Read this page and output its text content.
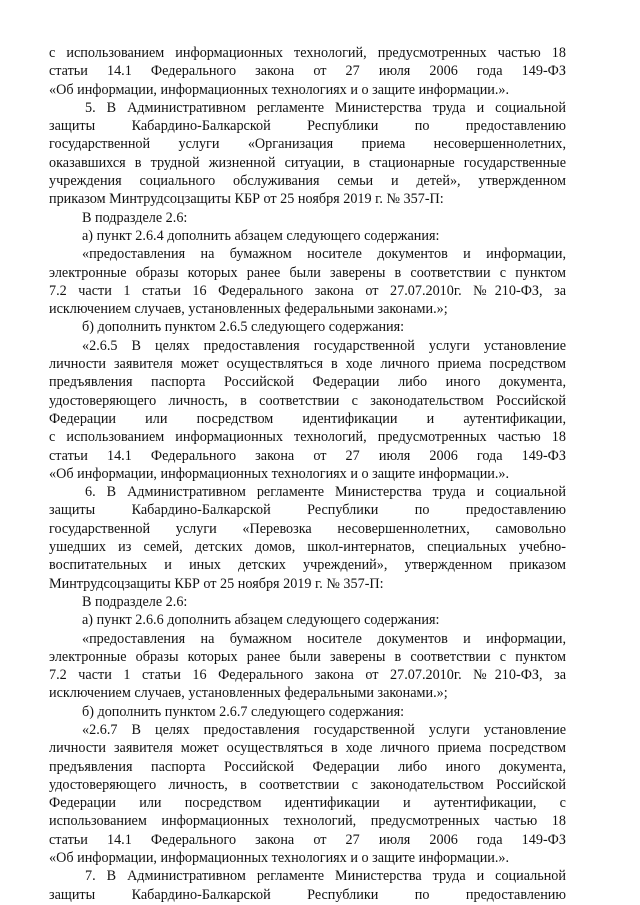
с использованием информационных технологий, предусмотренных частью 18
статьи 14.1 Федерального закона от 27 июля 2006 года 149-ФЗ
«Об информации, информационных технологиях и о защите информации.».
5. В Административном регламенте Министерства труда и социальной
защиты Кабардино-Балкарской Республики по предоставлению
государственной услуги «Организация приема несовершеннолетних,
оказавшихся в трудной жизненной ситуации, в стационарные государственные
учреждения социального обслуживания семьи и детей», утвержденном
приказом Минтрудсоцзащиты КБР от 25 ноября 2019 г. № 357-П:
В подразделе 2.6:
а) пункт 2.6.4 дополнить абзацем следующего содержания:
«предоставления на бумажном носителе документов и информации,
электронные образы которых ранее были заверены в соответствии с пунктом
7.2 части 1 статьи 16 Федерального закона от 27.07.2010г. №210-ФЗ, за
исключением случаев, установленных федеральными законами.»;
б) дополнить пунктом 2.6.5 следующего содержания:
«2.6.5 В целях предоставления государственной услуги установление
личности заявителя может осуществляться в ходе личного приема посредством
предъявления паспорта Российской Федерации либо иного документа,
удостоверяющего личность, в соответствии с законодательством Российской
Федерации или посредством идентификации и аутентификации,
с использованием информационных технологий, предусмотренных частью 18
статьи 14.1 Федерального закона от 27 июля 2006 года 149-ФЗ
«Об информации, информационных технологиях и о защите информации.».
6. В Административном регламенте Министерства труда и социальной
защиты Кабардино-Балкарской Республики по предоставлению
государственной услуги «Перевозка несовершеннолетних, самовольно
ушедших из семей, детских домов, школ-интернатов, специальных учебно-
воспитательных и иных детских учреждений», утвержденном приказом
Минтрудсоцзащиты КБР от 25 ноября 2019 г. № 357-П:
В подразделе 2.6:
а) пункт 2.6.6 дополнить абзацем следующего содержания:
«предоставления на бумажном носителе документов и информации,
электронные образы которых ранее были заверены в соответствии с пунктом
7.2 части 1 статьи 16 Федерального закона от 27.07.2010г. №210-ФЗ, за
исключением случаев, установленных федеральными законами.»;
б) дополнить пунктом 2.6.7 следующего содержания:
«2.6.7 В целях предоставления государственной услуги установление
личности заявителя может осуществляться в ходе личного приема посредством
предъявления паспорта Российской Федерации либо иного документа,
удостоверяющего личность, в соответствии с законодательством Российской
Федерации или посредством идентификации и аутентификации, с
использованием информационных технологий, предусмотренных частью 18
статьи 14.1 Федерального закона от 27 июля 2006 года 149-ФЗ
«Об информации, информационных технологиях и о защите информации.».
7. В Административном регламенте Министерства труда и социальной
защиты Кабардино-Балкарской Республики по предоставлению
